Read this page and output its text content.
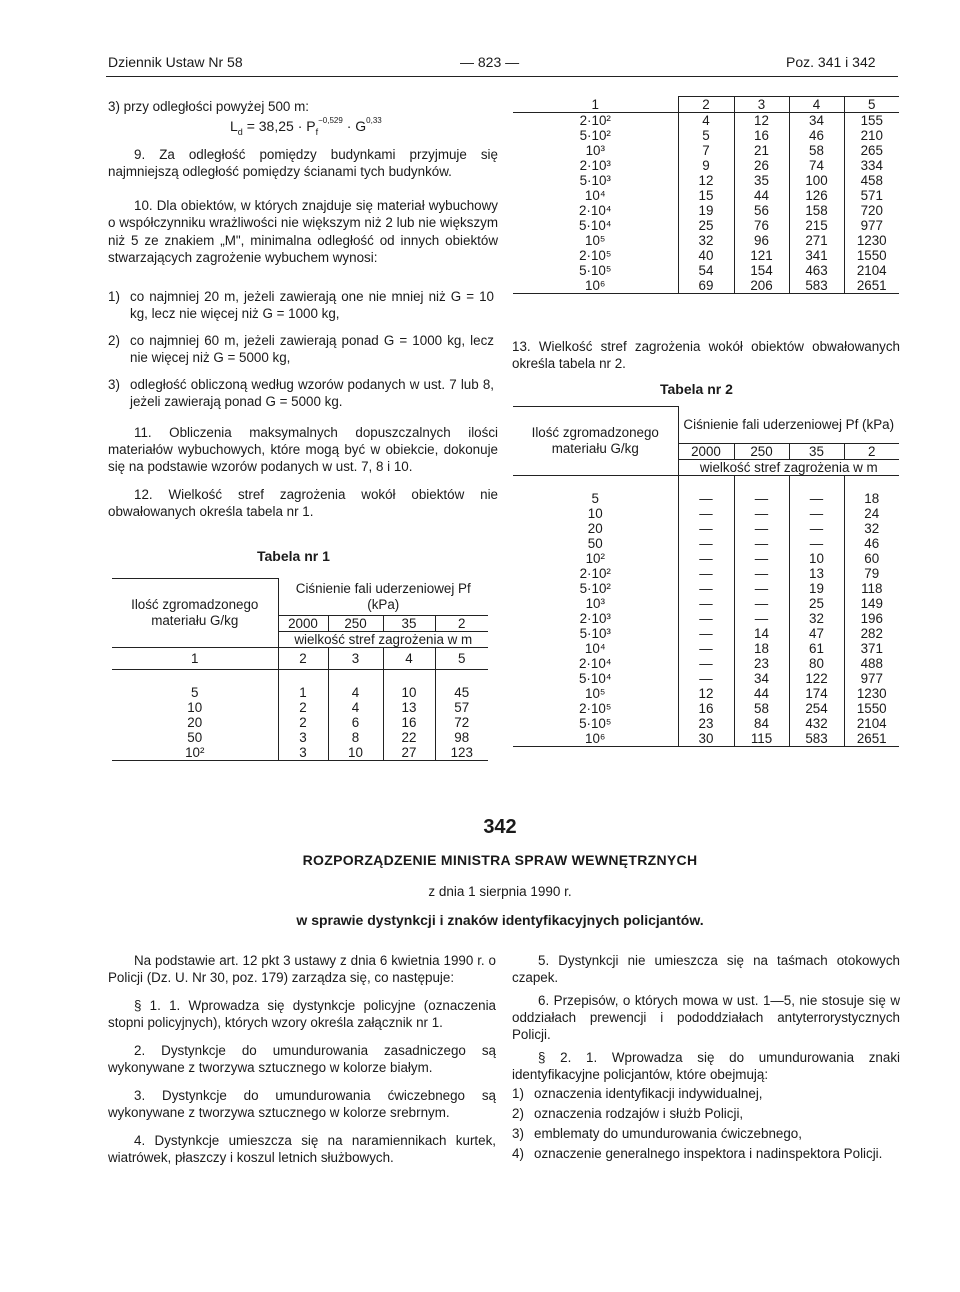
Dziennik Ustaw Nr 58	— 823 —	Poz. 341 i 342

3) przy odległości powyżej 500 m:

$L_d = 38,25 \cdot P_f^{-0,529} \cdot G^{0,33}$

9. Za odległość pomiędzy budynkami przyjmuje się najmniejszą odległość pomiędzy ścianami tych budynków.

10. Dla obiektów, w których znajduje się materiał wybuchowy o współczynniku wrażliwości nie większym niż 2 lub nie większym niż 5 ze znakiem „M", minimalna odległość od innych obiektów stwarzających zagrożenie wybuchem wynosi:

1) co najmniej 20 m, jeżeli zawierają one nie mniej niż G = 10 kg, lecz nie więcej niż G = 1000 kg,
2) co najmniej 60 m, jeżeli zawierają ponad G = 1000 kg, lecz nie więcej niż G = 5000 kg,
3) odległość obliczoną według wzorów podanych w ust. 7 lub 8, jeżeli zawierają ponad G = 5000 kg.

11. Obliczenia maksymalnych dopuszczalnych ilości materiałów wybuchowych, które mogą być w obiekcie, dokonuje się na podstawie wzorów podanych w ust. 7, 8 i 10.

12. Wielkość stref zagrożenia wokół obiektów nie obwałowanych określa tabela nr 1.

Tabela nr 1
Ilość zgromadzonego materiału G/kg	Ciśnienie fali uderzeniowej Pf (kPa)			

	2000	250	35	2
	wielkość stref zagrożenia w m			
1	2	3	4	5

5	1	4	10	45
10	2	4	13	57
20	2	6	16	72
50	3	8	22	98
10²	3	10	27	123
1	2	3	4	5
2·10²	4	12	34	155
5·10²	5	16	46	210
10³	7	21	58	265
2·10³	9	26	74	334
5·10³	12	35	100	458
10⁴	15	44	126	571
2·10⁴	19	56	158	720
5·10⁴	25	76	215	977
10⁵	32	96	271	1230
2·10⁵	40	121	341	1550
5·10⁵	54	154	463	2104
10⁶	69	206	583	2651

13. Wielkość stref zagrożenia wokół obiektów obwałowanych określa tabela nr 2.

Tabela nr 2
Ilość zgromadzonego materiału G/kg	Ciśnienie fali uderzeniowej Pf (kPa)			

	2000	250	35	2
	wielkość stref zagrożenia w m			

5	—	—	—	18
10	—	—	—	24
20	—	—	—	32
50	—	—	—	46
10²	—	—	10	60
2·10²	—	—	13	79
5·10²	—	—	19	118
10³	—	—	25	149
2·10³	—	—	32	196
5·10³	—	14	47	282
10⁴	—	18	61	371
2·10⁴	—	23	80	488
5·10⁴	—	34	122	977
10⁵	12	44	174	1230
2·10⁵	16	58	254	1550
5·10⁵	23	84	432	2104
10⁶	30	115	583	2651
342
ROZPORZĄDZENIE MINISTRA SPRAW WEWNĘTRZNYCH
z dnia 1 sierpnia 1990 r.
w sprawie dystynkcji i znaków identyfikacyjnych policjantów.

Na podstawie art. 12 pkt 3 ustawy z dnia 6 kwietnia 1990 r. o Policji (Dz. U. Nr 30, poz. 179) zarządza się, co następuje:

§ 1. 1. Wprowadza się dystynkcje policyjne (oznaczenia stopni policyjnych), których wzory określa załącznik nr 1.

2. Dystynkcje do umundurowania zasadniczego są wykonywane z tworzywa sztucznego w kolorze białym.

3. Dystynkcje do umundurowania ćwiczebnego są wykonywane z tworzywa sztucznego w kolorze srebrnym.

4. Dystynkcje umieszcza się na naramiennikach kurtek, wiatrówek, płaszczy i koszul letnich służbowych.

5. Dystynkcji nie umieszcza się na taśmach otokowych czapek.

6. Przepisów, o których mowa w ust. 1—5, nie stosuje się w oddziałach prewencji i pododdziałach antyterrorystycznych Policji.

§ 2. 1. Wprowadza się do umundurowania znaki identyfikacyjne policjantów, które obejmują:

1) oznaczenia identyfikacji indywidualnej,
2) oznaczenia rodzajów i służb Policji,
3) emblematy do umundurowania ćwiczebnego,
4) oznaczenie generalnego inspektora i nadinspektora Policji.
